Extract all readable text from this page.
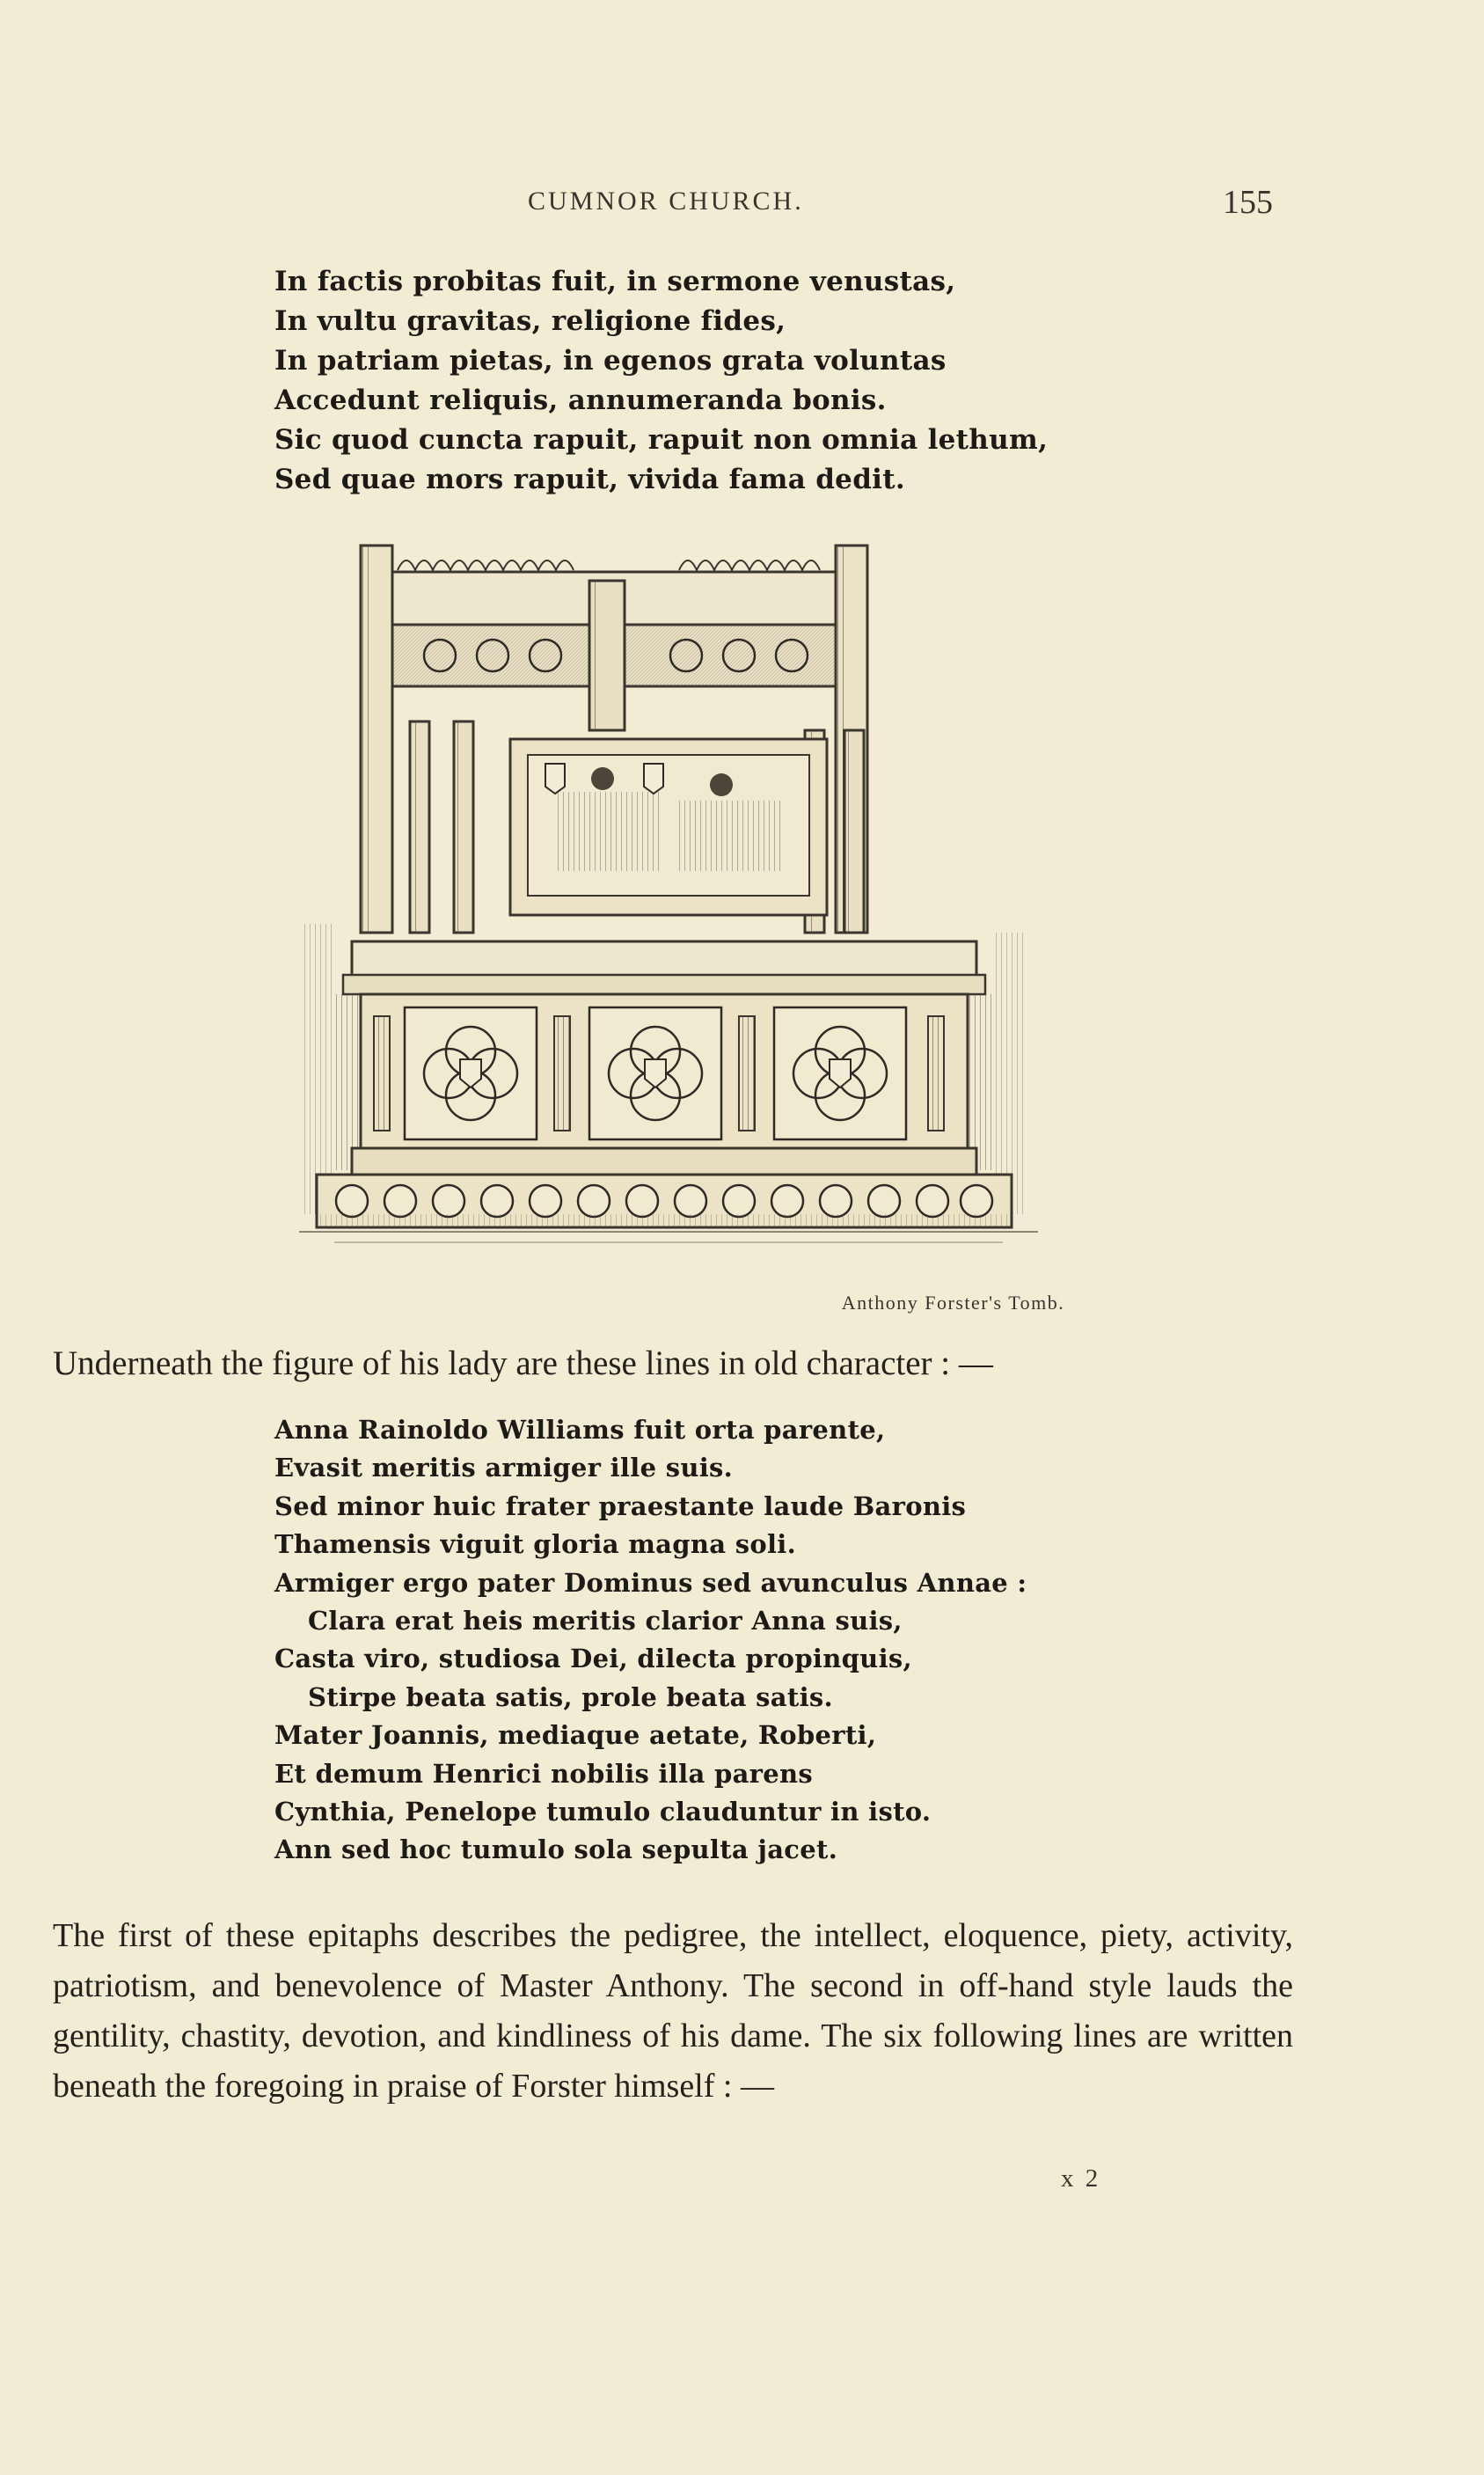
CUMNOR CHURCH.	155
In factis probitas fuit, in sermone venustas,
In vultu gravitas, religione fides,
In patriam pietas, in egenos grata voluntas
Accedunt reliquis, annumeranda bonis.
Sic quod cuncta rapuit, rapuit non omnia lethum,
Sed quae mors rapuit, vivida fama dedit.
Anthony Forster's Tomb.

Underneath the figure of his lady are these lines in old character : —

Anna Rainoldo Williams fuit orta parente,
Evasit meritis armiger ille suis.
Sed minor huic frater praestante laude Baronis
Thamensis viguit gloria magna soli.
Armiger ergo pater Dominus sed avunculus Annae :
Clara erat heis meritis clarior Anna suis,
Casta viro, studiosa Dei, dilecta propinquis,
Stirpe beata satis, prole beata satis.
Mater Joannis, mediaque aetate, Roberti,
Et demum Henrici nobilis illa parens
Cynthia, Penelope tumulo clauduntur in isto.
Ann sed hoc tumulo sola sepulta jacet.

The first of these epitaphs describes the pedigree, the intellect, eloquence, piety, activity, patriotism, and benevolence of Master Anthony. The second in off-hand style lauds the gentility, chastity, devotion, and kindliness of his dame. The six following lines are written beneath the foregoing in praise of Forster himself : —

x 2
